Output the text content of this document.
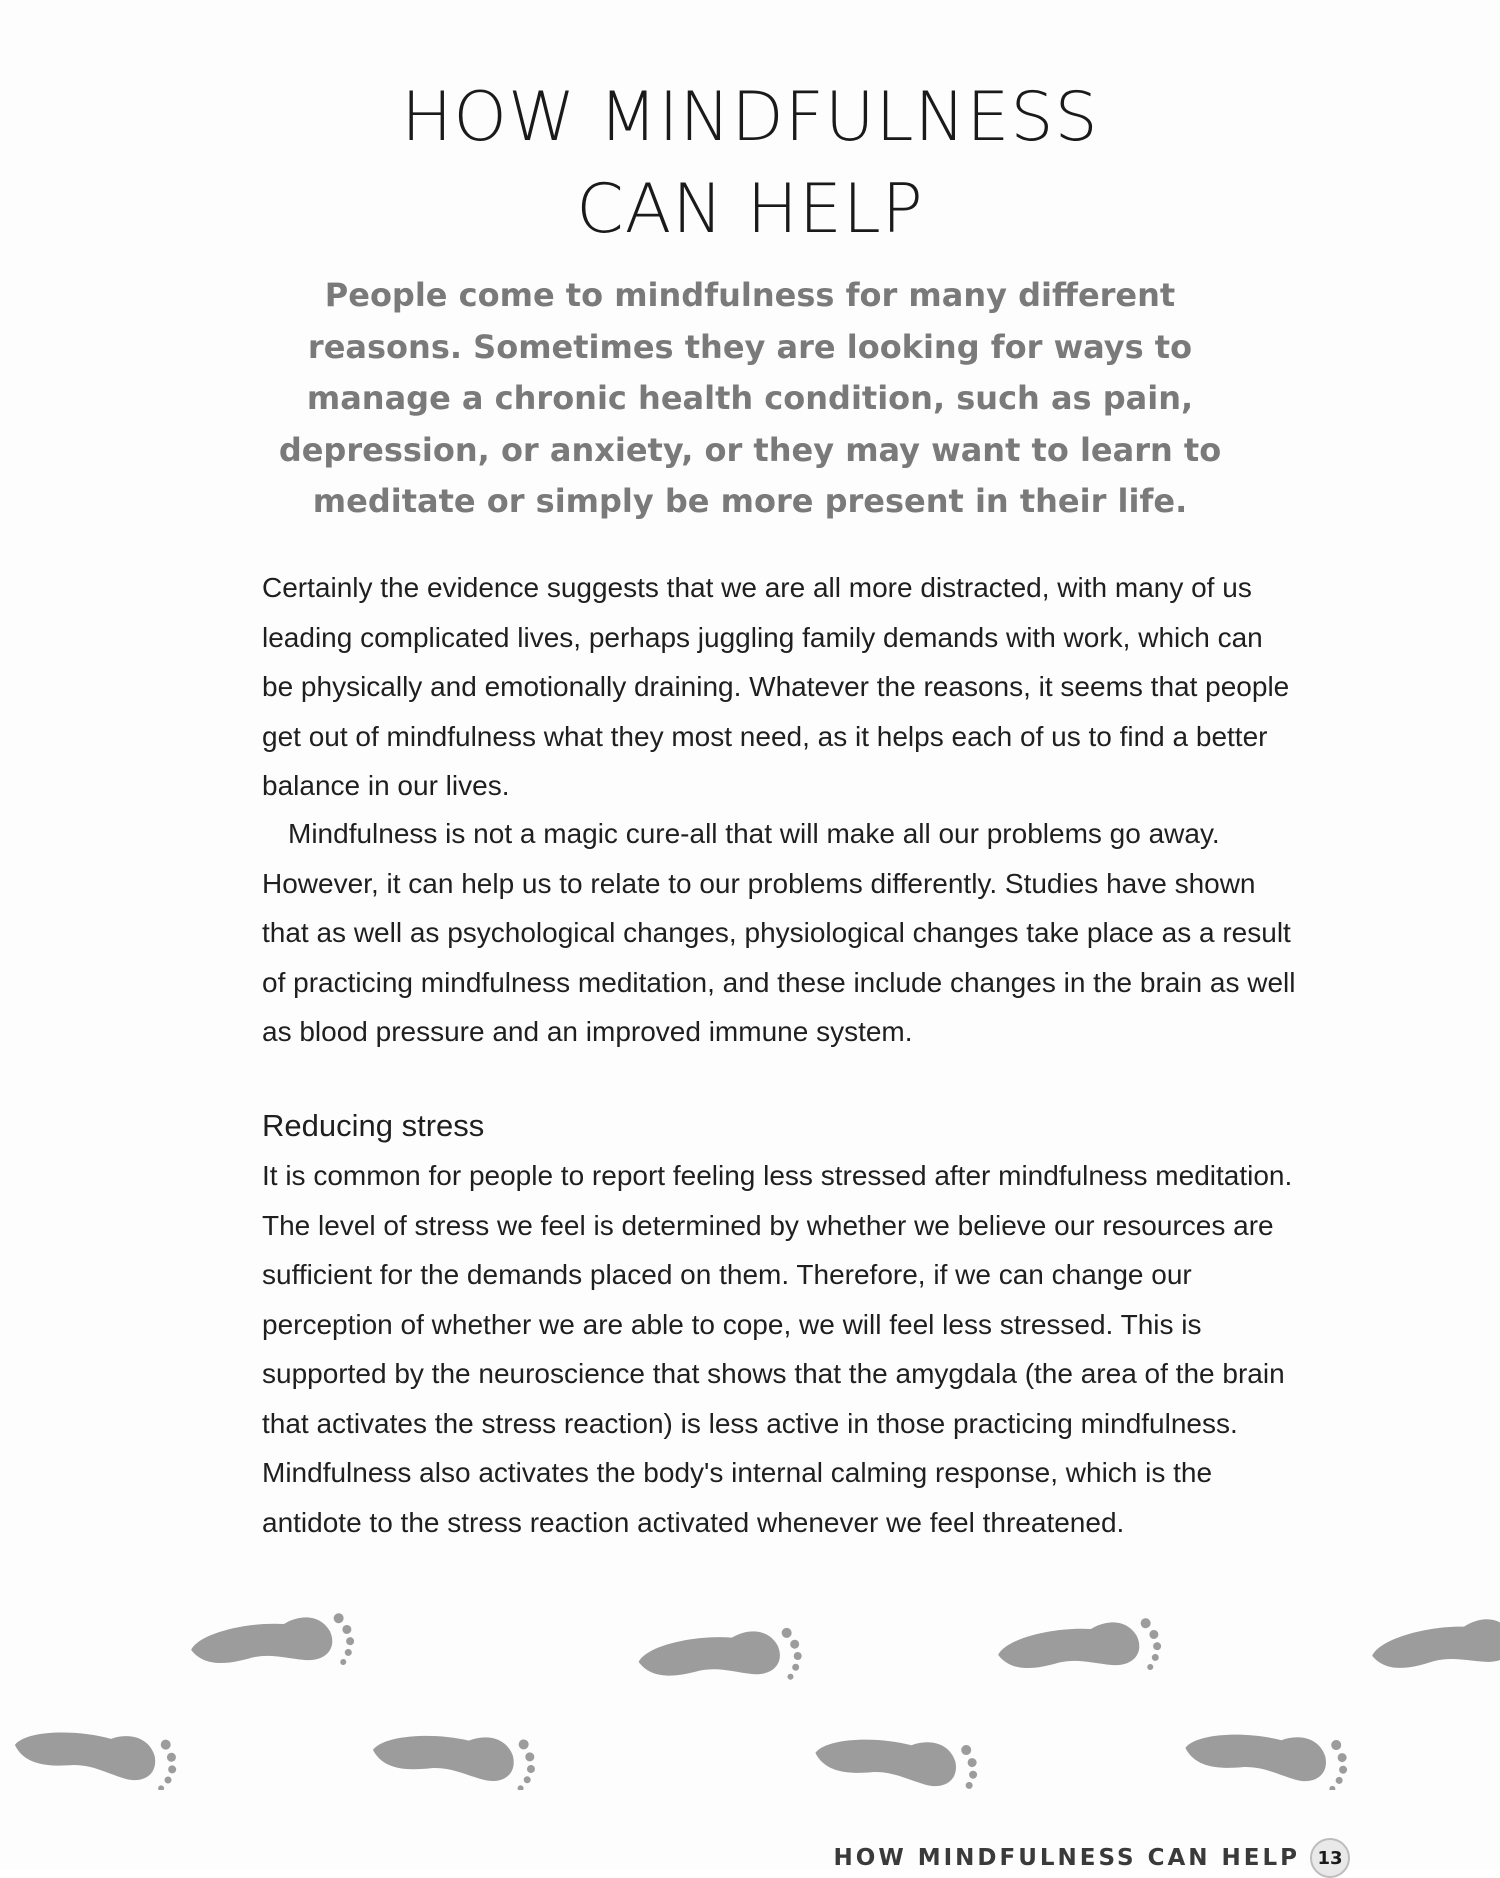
HOW MINDFULNESS
CAN HELP

People come to mindfulness for many different reasons. Sometimes they are looking for ways to manage a chronic health condition, such as pain, depression, or anxiety, or they may want to learn to meditate or simply be more present in their life.

Certainly the evidence suggests that we are all more distracted, with many of us leading complicated lives, perhaps juggling family demands with work, which can be physically and emotionally draining. Whatever the reasons, it seems that people get out of mindfulness what they most need, as it helps each of us to find a better balance in our lives.

Mindfulness is not a magic cure-all that will make all our problems go away. However, it can help us to relate to our problems differently. Studies have shown that as well as psychological changes, physiological changes take place as a result of practicing mindfulness meditation, and these include changes in the brain as well as blood pressure and an improved immune system.

Reducing stress

It is common for people to report feeling less stressed after mindfulness meditation. The level of stress we feel is determined by whether we believe our resources are sufficient for the demands placed on them. Therefore, if we can change our perception of whether we are able to cope, we will feel less stressed. This is supported by the neuroscience that shows that the amygdala (the area of the brain that activates the stress reaction) is less active in those practicing mindfulness. Mindfulness also activates the body's internal calming response, which is the antidote to the stress reaction activated whenever we feel threatened.

HOW MINDFULNESS CAN HELP 13
